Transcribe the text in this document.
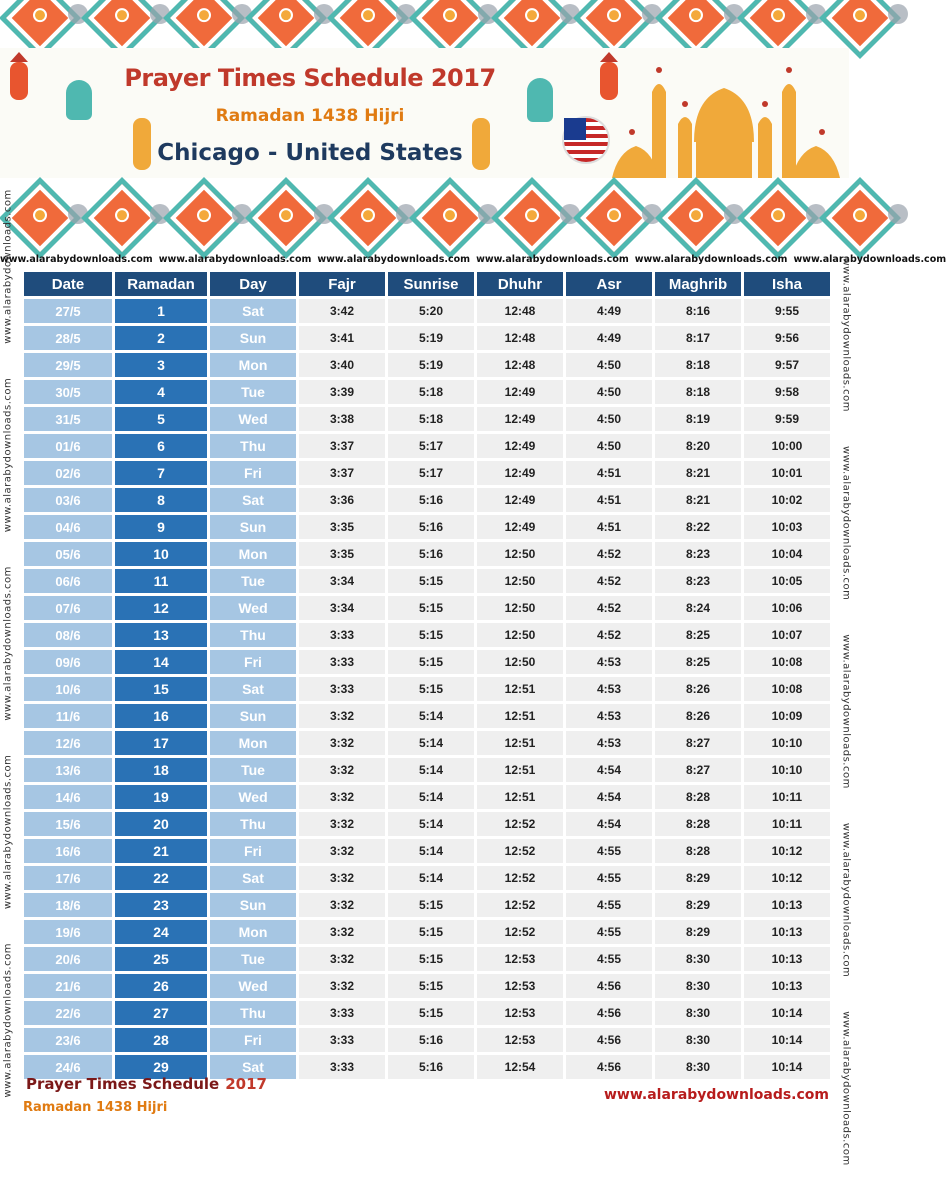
Prayer Times Schedule 2017
Ramadan 1438 Hijri
Chicago - United States
www.alarabydownloads.com www.alarabydownloads.com www.alarabydownloads.com www.alarabydownloads.com www.alarabydownloads.com www.alarabydownloads.com
www.alarabydownloads.comwww.alarabydownloads.comwww.alarabydownloads.comwww.alarabydownloads.comwww.alarabydownloads.com	www.alarabydownloads.comwww.alarabydownloads.comwww.alarabydownloads.comwww.alarabydownloads.comwww.alarabydownloads.com
Date	Ramadan	Day	Fajr	Sunrise	Dhuhr	Asr	Maghrib	Isha
27/5	1	Sat	3:42	5:20	12:48	4:49	8:16	9:55
28/5	2	Sun	3:41	5:19	12:48	4:49	8:17	9:56
29/5	3	Mon	3:40	5:19	12:48	4:50	8:18	9:57
30/5	4	Tue	3:39	5:18	12:49	4:50	8:18	9:58
31/5	5	Wed	3:38	5:18	12:49	4:50	8:19	9:59
01/6	6	Thu	3:37	5:17	12:49	4:50	8:20	10:00
02/6	7	Fri	3:37	5:17	12:49	4:51	8:21	10:01
03/6	8	Sat	3:36	5:16	12:49	4:51	8:21	10:02
04/6	9	Sun	3:35	5:16	12:49	4:51	8:22	10:03
05/6	10	Mon	3:35	5:16	12:50	4:52	8:23	10:04
06/6	11	Tue	3:34	5:15	12:50	4:52	8:23	10:05
07/6	12	Wed	3:34	5:15	12:50	4:52	8:24	10:06
08/6	13	Thu	3:33	5:15	12:50	4:52	8:25	10:07
09/6	14	Fri	3:33	5:15	12:50	4:53	8:25	10:08
10/6	15	Sat	3:33	5:15	12:51	4:53	8:26	10:08
11/6	16	Sun	3:32	5:14	12:51	4:53	8:26	10:09
12/6	17	Mon	3:32	5:14	12:51	4:53	8:27	10:10
13/6	18	Tue	3:32	5:14	12:51	4:54	8:27	10:10
14/6	19	Wed	3:32	5:14	12:51	4:54	8:28	10:11
15/6	20	Thu	3:32	5:14	12:52	4:54	8:28	10:11
16/6	21	Fri	3:32	5:14	12:52	4:55	8:28	10:12
17/6	22	Sat	3:32	5:14	12:52	4:55	8:29	10:12
18/6	23	Sun	3:32	5:15	12:52	4:55	8:29	10:13
19/6	24	Mon	3:32	5:15	12:52	4:55	8:29	10:13
20/6	25	Tue	3:32	5:15	12:53	4:55	8:30	10:13
21/6	26	Wed	3:32	5:15	12:53	4:56	8:30	10:13
22/6	27	Thu	3:33	5:15	12:53	4:56	8:30	10:14
23/6	28	Fri	3:33	5:16	12:53	4:56	8:30	10:14
24/6	29	Sat	3:33	5:16	12:54	4:56	8:30	10:14
Prayer Times Schedule 2017
Ramadan 1438 Hijri
www.alarabydownloads.com
